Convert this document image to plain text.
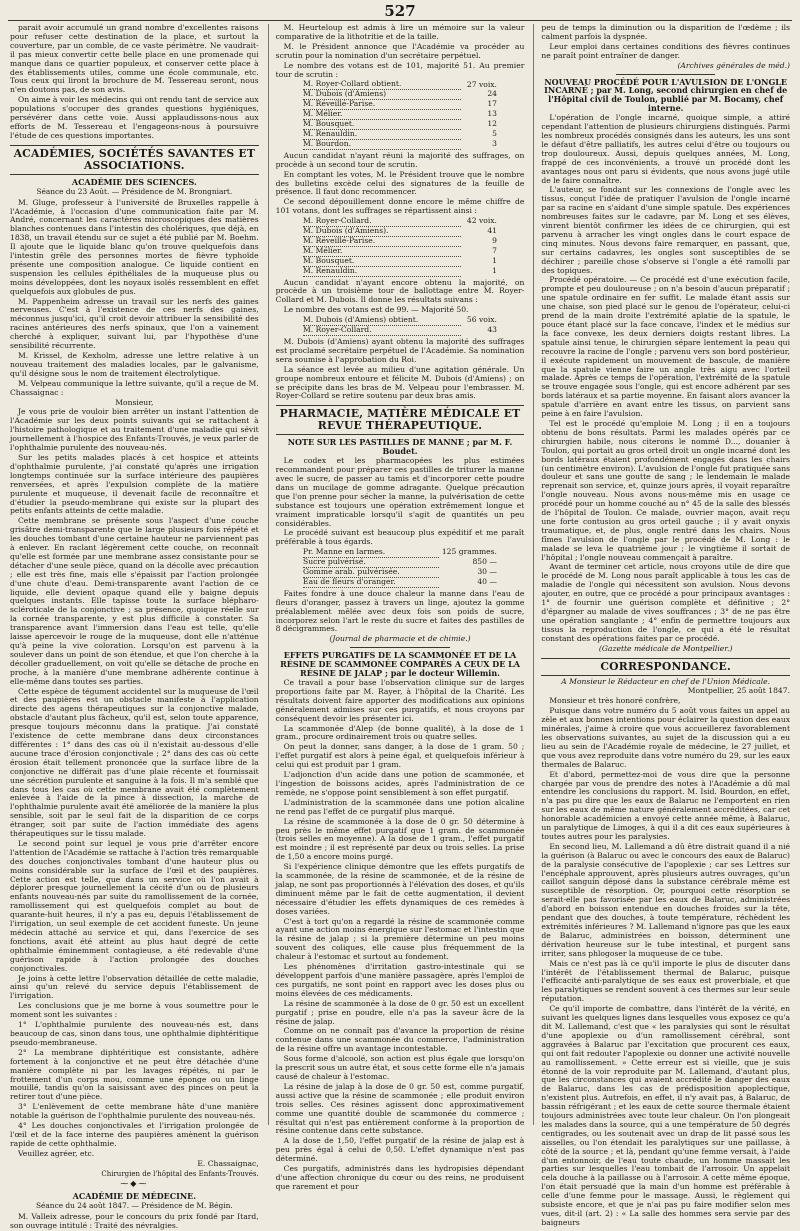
527

parait avoir accumulé un grand nombre d'excellentes raisons pour refuser cette destination de la place, et surtout la couverture, par un comble, de ce vaste périmètre. Ne vaudrait-il pas mieux convertir cette belle place en une promenade qui manque dans ce quartier populeux, et conserver cette place à des établissements utiles, comme une école communale, etc. Tous ceux qui liront la brochure de M. Tessereau seront, nous n'en doutons pas, de son avis.

On aime à voir les médecins qui ont rendu tant de service aux populations s'occuper des grandes questions hygiéniques, persévérer dans cette voie. Aussi applaudissons-nous aux efforts de M. Tessereau et l'engageons-nous à poursuivre l'étude de ces questions importantes.

ACADÉMIES, SOCIÉTÉS SAVANTES ET ASSOCIATIONS.
ACADÉMIE DES SCIENCES.
Séance du 23 Août. — Présidence de M. Brongniart.

M. Gluge, professeur à l'université de Bruxelles rappelle à l'Académie, à l'occasion d'une communication faite par M. André, concernant les caractères microscopiques des matières blanches contenues dans l'intestin des cholériques, que déjà, en 1838, un travail étendu sur ce sujet a été publié par M. Boehm. Il ajoute que le liquide blanc qu'on trouve quelquefois dans l'intestin grêle des personnes mortes de fièvre typhoïde présente une composition analogue. Ce liquide contient en suspension les cellules épithéliales de la muqueuse plus ou moins développées, dont les noyaux isolés ressemblent en effet quelquefois aux globules de pus.

M. Pappenheim adresse un travail sur les nerfs des gaines nerveuses. C'est à l'existence de ces nerfs des gaines, méconnus jusqu'ici, qu'il croit devoir attribuer la sensibilité des racines antérieures des nerfs spinaux, que l'on a vainement cherché à expliquer, suivant lui, par l'hypothèse d'une sensibilité récurrente.

M. Krissel, de Kexholm, adresse une lettre relative à un nouveau traitement des maladies locales, par le galvanisme, qu'il désigne sous le nom de traitement électrolytique.

M. Velpeau communique la lettre suivante, qu'il a reçue de M. Chassaignac :

Monsieur,

Je vous prie de vouloir bien arrêter un instant l'attention de l'Académie sur les deux points suivants qui se rattachent à l'histoire pathologique et au traitement d'une maladie qui sévit journellement à l'hospice des Enfants-Trouvés, je veux parler de l'ophthalmie purulente des nouveau-nés.

Sur les petits malades placés à cet hospice et atteints d'ophthalmie purulente, j'ai constaté qu'après une irrigation longtemps continuée sur la surface intérieure des paupières renversées, et après l'expulsion complète de la matière purulente et muqueuse, il devenait facile de reconnaître et d'étudier la pseudo-membrane qui existe sur la plupart des petits enfants atteints de cette maladie.

Cette membrane se présente sous l'aspect d'une couche grisâtre demi-transparente que le large plusieurs fois répété et les douches tombant d'une certaine hauteur ne parviennent pas à enlever. En raclant légèrement cette couche, on reconnaît qu'elle est formée par une membrane assez consistante pour se détacher d'une seule pièce, quand on la décolle avec précaution ; elle est très fine, mais elle s'épaissit par l'action prolongée d'une chute d'eau. Demi-transparente avant l'action de ce liquide, elle devient opaque quand elle y baigne depuis quelques instants. Elle tapisse toute la surface blépharo-scléroticale de la conjonctive ; sa présence, quoique réelle sur la cornée transparente, y est plus difficile à constater. Sa transparence avant l'immersion dans l'eau est telle, qu'elle laisse apercevoir le rouge de la muqueuse, dont elle n'atténue qu'à peine la vive coloration. Lorsqu'on est parvenu à la soulever dans un point de son étendue, et que l'on cherche à la décoller graduellement, on voit qu'elle se détache de proche en proche, à la manière d'une membrane adhérente continue à elle-même dans toutes ses parties.

Cette espèce de tégument accidentel sur la muqueuse de l'œil et des paupières est un obstacle manifeste à l'application directe des agens thérapeutiques sur la conjonctive malade, obstacle d'autant plus fâcheux, qu'il est, selon toute apparence, presque toujours méconnu dans la pratique. J'ai constaté l'existence de cette membrane dans deux circonstances différentes : 1° dans des cas où il n'existait au-dessous d'elle aucune trace d'érosion conjonctivale ; 2° dans des cas où cette érosion était tellement prononcée que la surface libre de la conjonctive ne différait pas d'une plaie récente et fournissait une sécrétion purulente et sanguine à la fois. Il m'a semblé que dans tous les cas où cette membrane avait été complètement enlevée à l'aide de la pince à dissection, la marche de l'ophthalmie purulente avait été améliorée de la manière la plus sensible, soit par le seul fait de la disparition de ce corps étranger, soit par suite de l'action immédiate des agens thérapeutiques sur le tissu malade.

Le second point sur lequel je vous prie d'arrêter encore l'attention de l'Académie se rattache à l'action très remarquable des douches conjonctivales tombant d'une hauteur plus ou moins considérable sur la surface de l'œil et des paupières. Cette action est telle, que dans un service où l'on avait à déplorer presque journellement la cécité d'un ou de plusieurs enfants nouveau-nés par suite du ramollissement de la cornée, ramollissement qui est quelquefois complet au bout de quarante-huit heures, il n'y a pas eu, depuis l'établissement de l'irrigation, un seul exemple de cet accident funeste. Un jeune médecin attaché au service et qui, dans l'exercice de ses fonctions, avait été atteint au plus haut degré de cette ophthalmie éminemment contagieuse, a été redevable d'une guérison rapide à l'action prolongée des douches conjonctivales.

Je joins à cette lettre l'observation détaillée de cette maladie, ainsi qu'un relevé du service depuis l'établissement de l'irrigation.

Les conclusions que je me borne à vous soumettre pour le moment sont les suivantes :

1° L'ophthalmie purulente des nouveau-nés est, dans beaucoup de cas, sinon dans tous, une ophthalmie diphtéritique pseudo-membraneuse.

2° La membrane diphtéritique est consistante, adhère fortement à la conjonctive et ne peut être détachée d'une manière complète ni par les lavages répétés, ni par le frottement d'un corps mou, comme une éponge ou un linge mouillé, tandis qu'on la saisissant avec des pinces on peut la retirer tout d'une pièce.

3° L'enlèvement de cette membrane hâte d'une manière notable la guérison de l'ophthalmie purulente des nouveau-nés.

4° Les douches conjonctivales et l'irrigation prolongée de l'œil et de la face interne des paupières amènent la guérison rapide de cette ophthalmie.

Veuillez agréer, etc.

E. Chassaignac,

Chirurgien de l'hôpital des Enfants-Trouvés.

⁓◆⁓
ACADÉMIE DE MÉDECINE.
Séance du 24 août 1847. — Présidence de M. Bégin.

M. Valleix adresse, pour le concours du prix fondé par Itard, son ouvrage intitulé : Traité des névralgies.

M. Heurteloup est admis à lire un mémoire sur la valeur comparative de la lithotritie et de la taille.

M. le Président annonce que l'Académie va procéder au scrutin pour la nomination d'un secrétaire perpétuel.

Le nombre des votans est de 101, majorité 51. Au premier tour de scrutin :

M. Royer-Collard obtient.	27 voix.
M. Dubois (d'Amiens)	24
M. Réveillé-Parise.	17
M. Mélier.	13
M. Bousquet.	12
M. Renauldin.	5
M. Bourdon.	3

Aucun candidat n'ayant réuni la majorité des suffrages, on procède à un second tour de scrutin.

En comptant les votes, M. le Président trouve que le nombre des bulletins excède celui des signatures de la feuille de présence. Il faut donc recommencer.

Ce second dépouillement donne encore le même chiffre de 101 votans, dont les suffrages se répartissent ainsi :

M. Royer-Collard.	42 voix.
M. Dubois (d'Amiens).	41
M. Réveillé-Parise.	9
M. Mélier.	7
M. Bousquet.	1
M. Renauldin.	1

Aucun candidat n'ayant encore obtenu la majorité, on procède à un troisième tour de ballottage entre M. Royer-Collard et M. Dubois. Il donne les résultats suivans :

Le nombre des votans est de 99. — Majorité 50.

M. Dubois (d'Amiens) obtient.	56 voix.
M. Royer-Collard.	43

M. Dubois (d'Amiens) ayant obtenu la majorité des suffrages est proclamé secrétaire perpétuel de l'Académie. Sa nomination sera soumise à l'approbation du Roi.

La séance est levée au milieu d'une agitation générale. Un groupe nombreux entoure et félicite M. Dubois (d'Amiens) ; on se précipite dans les bras de M. Velpeau pour l'embrasser. M. Royer-Collard se retire soutenu par deux bras amis.

PHARMACIE, MATIÈRE MÉDICALE ET REVUE THÉRAPEUTIQUE.
NOTE SUR LES PASTILLES DE MANNE ; par M. F. Boudet.

Le codex et les pharmacopées les plus estimées recommandent pour préparer ces pastilles de triturer la manne avec le sucre, de passer au tamis et d'incorporer cette poudre dans un mucilage de gomme adragante. Quelque précaution que l'on prenne pour sécher la manne, la pulvérisation de cette substance est toujours une opération extrêmement longue et vraiment impraticable lorsqu'il s'agit de quantités un peu considérables.

Le procédé suivant est beaucoup plus expéditif et me paraît préférable à tous égards.

Pr. Manne en larmes.	125 grammes.
Sucre pulvérisé.	850 —
Gomme arab. pulvérisée.	30 —
Eau de fleurs d'oranger.	40 —

Faites fondre à une douce chaleur la manne dans l'eau de fleurs d'oranger, passez à travers un linge, ajoutez la gomme préalablement mêlée avec deux fois son poids de sucre, incorporez selon l'art le reste du sucre et faites des pastilles de 8 décigrammes.

(Journal de pharmacie et de chimie.)

EFFETS PURGATIFS DE LA SCAMMONÉE ET DE LA RÉSINE DE SCAMMONÉE COMPARÉS A CEUX DE LA RÉSINE DE JALAP ; par le docteur Willemin.

Ce travail a pour base l'observation clinique sur de larges proportions faite par M. Rayer, à l'hôpital de la Charité. Les résultats doivent faire apporter des modifications aux opinions généralement admises sur ces purgatifs, et nous croyons par conséquent devoir les présenter ici.

La scammonée d'Alep (de bonne qualité), à la dose de 1 gram., procure ordinairement trois ou quatre selles.

On peut la donner, sans danger, à la dose de 1 gram. 50 ; l'effet purgatif est alors à peine égal, et quelquefois inférieur à celui qui est produit par 1 gram.

L'adjonction d'un acide dans une potion de scammonée, et l'ingestion de boissons acides, après l'administration de ce remède, ne s'oppose point sensiblement à son effet purgatif.

L'administration de la scammonée dans une potion alcaline ne rend pas l'effet de ce purgatif plus marqué.

La résine de scammonée à la dose de 0 gr. 50 détermine à peu près le même effet purgatif que 1 gram. de scammonée (trois selles en moyenne). A la dose de 1 gram., l'effet purgatif est moindre ; il est représenté par deux ou trois selles. La prise de 1,50 a encore moins purgé.

Si l'expérience clinique démontre que les effets purgatifs de la scammonée, de la résine de scammonée, et de la résine de jalap, ne sont pas proportionnés à l'élévation des doses, et qu'ils diminuent même par le fait de cette augmentation, il devient nécessaire d'étudier les effets dynamiques de ces remèdes à doses variées.

C'est à tort qu'on a regardé la résine de scammonée comme ayant une action moins énergique sur l'estomac et l'intestin que la résine de jalap ; si la première détermine un peu moins souvent des coliques, elle cause plus fréquemment de la chaleur à l'estomac et surtout au fondement.

Les phénomènes d'irritation gastro-intestinale qui se développent parfois d'une manière passagère, après l'emploi de ces purgatifs, ne sont point en rapport avec les doses plus ou moins élevées de ces médicaments.

La résine de scammonée à la dose de 0 gr. 50 est un excellent purgatif ; prise en poudre, elle n'a pas la saveur âcre de la résine de jalap.

Comme on ne connaît pas d'avance la proportion de résine contenue dans une scammonée du commerce, l'administration de la résine offre un avantage incontestable.

Sous forme d'alcoolé, son action est plus égale que lorsqu'on la prescrit sous un autre état, et sous cette forme elle n'a jamais causé de chaleur à l'estomac.

La résine de jalap à la dose de 0 gr. 50 est, comme purgatif, aussi active que la résine de scammonée ; elle produit environ trois selles. Ces résines agissent donc approximativement comme une quantité double de scammonée du commerce ; résultat qui n'est pas entièrement conforme à la proportion de résine contenue dans cette substance.

A la dose de 1,50, l'effet purgatif de la résine de jalap est à peu près égal à celui de 0,50. L'effet dynamique n'est pas déterminé.

Ces purgatifs, administrés dans les hydropisies dépendant d'une affection chronique du cœur ou des reins, ne produisent que rarement et pour

peu de temps la diminution ou la disparition de l'œdème ; ils calment parfois la dyspnée.

Leur emploi dans certaines conditions des fièvres continues ne paraît point entraîner de danger.

(Archives générales de méd.)

NOUVEAU PROCÉDÉ POUR L'AVULSION DE L'ONGLE INCARNÉ ; par M. Long, second chirurgien en chef de l'Hôpital civil de Toulon, publié par M. Bocamy, chef interne.

L'opération de l'ongle incarné, quoique simple, a attiré cependant l'attention de plusieurs chirurgiens distingués. Parmi les nombreux procédés consignés dans les auteurs, les uns sont le défaut d'être palliatifs, les autres celui d'être ou toujours ou trop douloureux. Aussi, depuis quelques années, M. Long, frappé de ces inconvénients, a trouvé un procédé dont les avantages nous ont paru si évidents, que nous avons jugé utile de le faire connaître.

L'auteur, se fondant sur les connexions de l'ongle avec les tissus, conçut l'idée de pratiquer l'avulsion de l'ongle incarné par sa racine en s'aidant d'une simple spatule. Des expériences nombreuses faites sur le cadavre, par M. Long et ses élèves, vinrent bientôt confirmer les idées de ce chirurgien, qui est parvenu à arracher les vingt ongles dans le court espace de cinq minutes. Nous devons faire remarquer, en passant, que, sur certains cadavres, les ongles sont susceptibles de se déchirer ; pareille chose s'observe si l'ongle a été ramolli par des topiques.

Procédé opératoire. — Ce procédé est d'une exécution facile, prompte et peu douloureuse ; on n'a besoin d'aucun préparatif ; une spatule ordinaire en fer suffit. Le malade étant assis sur une chaise, son pied placé sur le genou de l'opérateur, celui-ci prend de la main droite l'extrémité aplatie de la spatule, le pouce étant placé sur la face concave, l'index et le médius sur la face convexe, les deux derniers doigts restant libres. La spatule ainsi tenue, le chirurgien sépare lentement la peau qui recouvre la racine de l'ongle ; parvenu vers son bord postérieur, il exécute rapidement un mouvement de bascule, de manière que la spatule vienne faire un angle très aigu avec l'orteil malade. Après ce temps de l'opération, l'extrémité de la spatule se trouve engagée sous l'ongle, qui est encore adhérent par ses bords latéraux et sa partie moyenne. En faisant alors avancer la spatule d'arrière en avant entre les tissus, on parvient sans peine à en faire l'avulsion.

Tel est le procédé qu'emploie M. Long ; il en a toujours obtenu de bons résultats. Parmi les malades opérés par ce chirurgien habile, nous citerons le nommé D..., douanier à Toulon, qui portait au gros orteil droit un ongle incarné dont les bords latéraux étaient profondément engagés dans les chairs (un centimètre environ). L'avulsion de l'ongle fut pratiquée sans douleur et sans une goutte de sang ; le lendemain le malade reprenait son service, et, quinze jours après, il voyait reparaître l'ongle nouveau. Nous avons nous-même mis en usage ce procédé pour un homme couché au n° 45 de la salle des blessés de l'hôpital de Toulon. Ce malade, ouvrier maçon, avait reçu une forte contusion au gros orteil gauche ; il y avait onyxis traumatique, et, de plus, ongle rentré dans les chairs. Nous fîmes l'avulsion de l'ongle par le procédé de M. Long : le malade se leva le quatrième jour ; le vingtième il sortait de l'hôpital ; l'ongle nouveau commençait à paraître.

Avant de terminer cet article, nous croyons utile de dire que le procédé de M. Long nous paraît applicable à tous les cas de maladie de l'ongle qui nécessitent son avulsion. Nous devons ajouter, en outre, que ce procédé a pour principaux avantages : 1° de fournir une guérison complète et définitive ; 2° d'épargner au malade de vives souffrances ; 3° de ne pas être une opération sanglante ; 4° enfin de permettre toujours aux tissus la reproduction de l'ongle, ce qui a été le résultat constant des opérations faites par ce procédé.

(Gazette médicale de Montpellier.)

CORRESPONDANCE.

A Monsieur le Rédacteur en chef de l'Union Médicale.

Montpellier, 25 août 1847.

Monsieur et très honoré confrère,

Puisque dans votre numéro du 5 août vous faites un appel au zèle et aux bonnes intentions pour éclairer la question des eaux minérales, j'aime à croire que vous accueillerez favorablement les observations suivantes, au sujet de la discussion qui a eu lieu au sein de l'Académie royale de médecine, le 27 juillet, et que vous avez reproduite dans votre numéro du 29, sur les eaux thermales de Balaruc.

Et d'abord, permettez-moi de vous dire que la personne chargée par vous de prendre des notes à l'Académie a dû mal entendre les conclusions du rapport. M. Isid. Bourdon, en effet, n'a pas pu dire que les eaux de Balaruc ne l'emportent en rien sur les eaux de même nature généralement accréditées, car cet honorable académicien a envoyé cette année même, à Balaruc, un paralytique de Limoges, à qui il a dit ces eaux supérieures à toutes autres pour les paralysies.

En second lieu, M. Lallemand a dû être distrait quand il a nié la guérison (à Balaruc ou avec le concours des eaux de Balaruc) de la paralysie consécutive de l'apoplexie ; car ses Lettres sur l'encéphale approuvent, après plusieurs autres ouvrages, qu'un caillot sanguin déposé dans la substance cérébrale même est susceptible de résorption. Or, pourquoi cette résorption se serait-elle pas favorisée par les eaux de Balaruc, administrées d'abord en boisson entendue en douches froides sur la tête, pendant que des douches, à toute température, réchèdent les extrémités inférieures ? M. Lallemand n'ignore pas que les eaux de Balaruc, administrées en boisson, déterminent une dérivation heureuse sur le tube intestinal, et purgent sans irriter, sans phlogoser la muqueuse de ce tube.

Mais ce n'est pas là ce qu'il importe le plus de discuter dans l'intérêt de l'établissement thermal de Balaruc, puisque l'efficacité anti-paralytique de ses eaux est proverbiale, et que les paralytiques se rendent souvent à ces thermes sur leur seule réputation.

Ce qu'il importe de combattre, dans l'intérêt de la vérité, en suivant les quelques lignes dans lesquelles vous exposez ce qu'a dit M. Lallemand, c'est que « les paralysies qui sont le résultat d'une apoplexie ou d'un ramollissement cérébral, sont aggravées à Balaruc par l'excitation que procurent ces eaux, qui ont fait redouter l'apoplexie ou donner une activité nouvelle au ramollissement. » Cette erreur est si vieille, que je suis étonné de la voir reproduite par M. Lallemand, d'autant plus, que les circonstances qui avaient accrédité le danger des eaux de Balaruc, dans les cas de prédisposition apoplectique, n'existent plus. Autrefois, en effet, il n'y avait pas, à Balaruc, de bassin réfrigérant ; et les eaux de cette source thermale étaient toujours administrées avec toute leur chaleur. On l'on plongeait les malades dans la source, qui a une température de 50 degrés centigrades, ou les soutenait avec un drap de lit passé sous les aisselles, ou l'on étendait les paralytiques sur une paillasse, à côté de la source ; et là, pendant qu'une femme versait, à l'aide d'un entonnoir, de l'eau toute chaude, un homme massait les parties sur lesquelles l'eau tombait de l'arrosoir. Un appelait cela douche à la paillasse ou à l'arrosoir. A cette même époque, l'on était persuadé que la main d'un homme est préférable à celle d'une femme pour le massage. Aussi, le règlement qui subsiste encore, et que je n'ai pas pu faire modifier selon mes vues, dit-il (art. 2) : « La salle des hommes sera servie par des baigneurs
